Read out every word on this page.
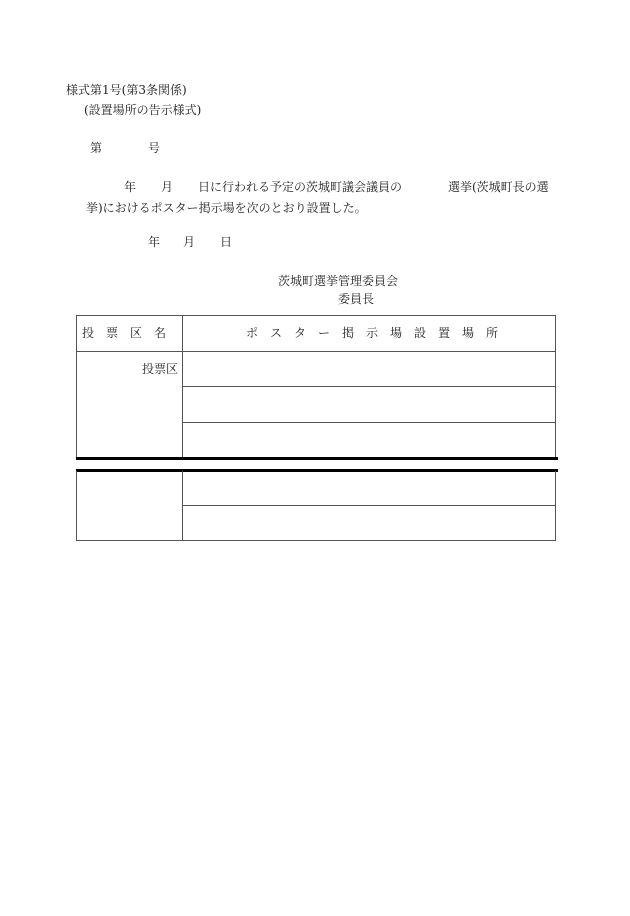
様式第1号(第3条関係)
(設置場所の告示様式)
第	号
年 月 日に行われる予定の茨城町議会議員の	選挙(茨城町長の選
挙)におけるポスター掲示場を次のとおり設置した。
年 月 日
茨城町選挙管理委員会
委員長
投　票　区　名	ポ　ス　タ　ー　掲　示　場　設　置　場　所
投票区
